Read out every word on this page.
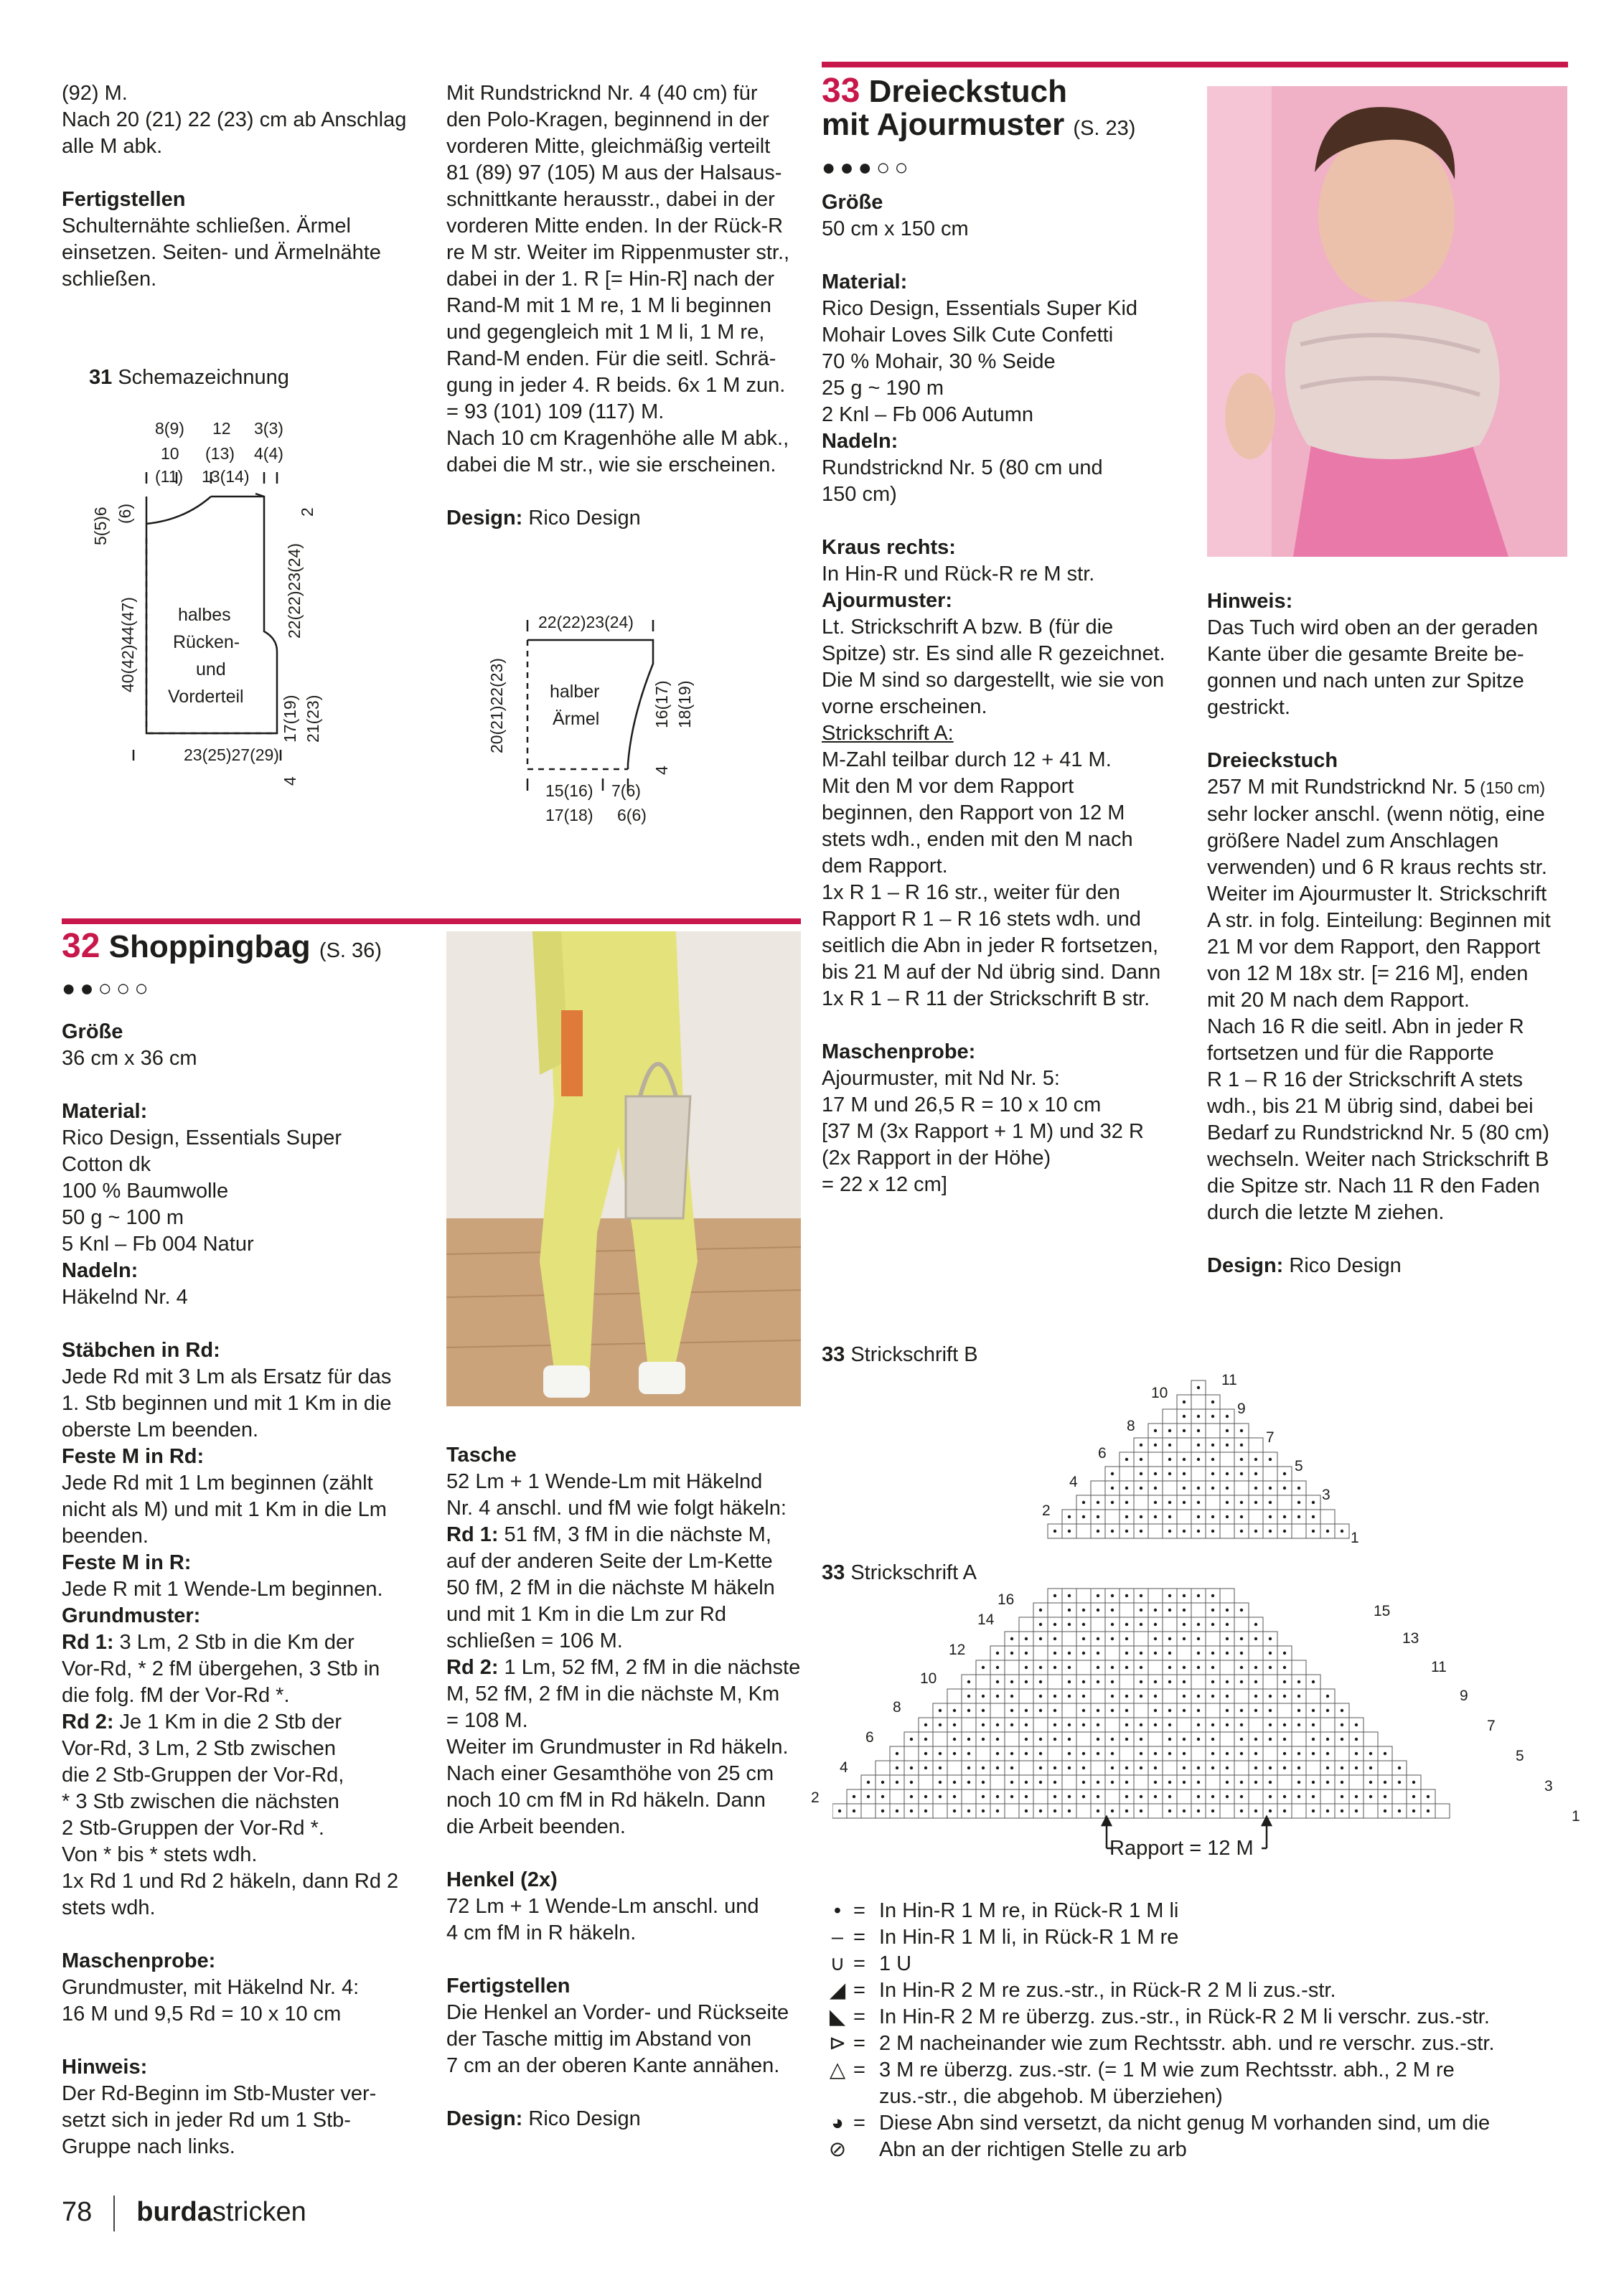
(92) M.

Nach 20 (21) 22 (23) cm ab Anschlag

alle M abk.

Fertigstellen

Schulternähte schließen. Ärmel

einsetzen. Seiten- und Ärmelnähte

schließen.

31 Schemazeichnung
8(9) 12 3(3)
10 (13) 4(4)
(11) 13(14)
5(5)6 (6)
40(42)44(47)
2
22(22)23(24)
17(19) 21(23)
4
23(25)27(29)
halbes
Rücken-
und
Vorderteil

Mit Rundstricknd Nr. 4 (40 cm) für

den Polo-Kragen, beginnend in der

vorderen Mitte, gleichmäßig verteilt

81 (89) 97 (105) M aus der Halsaus-

schnittkante herausstr., dabei in der

vorderen Mitte enden. In der Rück-R

re M str. Weiter im Rippenmuster str.,

dabei in der 1. R [= Hin-R] nach der

Rand-M mit 1 M re, 1 M li beginnen

und gegengleich mit 1 M li, 1 M re,

Rand-M enden. Für die seitl. Schrä-

gung in jeder 4. R beids. 6x 1 M zun.

= 93 (101) 109 (117) M.

Nach 10 cm Kragenhöhe alle M abk.,

dabei die M str., wie sie erscheinen.

Design: Rico Design

22(22)23(24)
20(21)22(23) halber
Ärmel	16(17) 18(19)
4
15(16) 7(6)
17(18) 6(6)
32 Shoppingbag (S. 36)
●●○○○

Größe

36 cm x 36 cm

Material:

Rico Design, Essentials Super

Cotton dk

100 % Baumwolle

50 g ~ 100 m

5 Knl – Fb 004 Natur

Nadeln:

Häkelnd Nr. 4

Stäbchen in Rd:

Jede Rd mit 3 Lm als Ersatz für das

1. Stb beginnen und mit 1 Km in die

oberste Lm beenden.

Feste M in Rd:

Jede Rd mit 1 Lm beginnen (zählt

nicht als M) und mit 1 Km in die Lm

beenden.

Feste M in R:

Jede R mit 1 Wende-Lm beginnen.

Grundmuster:

Rd 1: 3 Lm, 2 Stb in die Km der

Vor-Rd, * 2 fM übergehen, 3 Stb in

die folg. fM der Vor-Rd *.

Rd 2: Je 1 Km in die 2 Stb der

Vor-Rd, 3 Lm, 2 Stb zwischen

die 2 Stb-Gruppen der Vor-Rd,

* 3 Stb zwischen die nächsten

2 Stb-Gruppen der Vor-Rd *.

Von * bis * stets wdh.

1x Rd 1 und Rd 2 häkeln, dann Rd 2

stets wdh.

Maschenprobe:

Grundmuster, mit Häkelnd Nr. 4:

16 M und 9,5 Rd = 10 x 10 cm

Hinweis:

Der Rd-Beginn im Stb-Muster ver-

setzt sich in jeder Rd um 1 Stb-

Gruppe nach links.

Tasche

52 Lm + 1 Wende-Lm mit Häkelnd

Nr. 4 anschl. und fM wie folgt häkeln:

Rd 1: 51 fM, 3 fM in die nächste M,

auf der anderen Seite der Lm-Kette

50 fM, 2 fM in die nächste M häkeln

und mit 1 Km in die Lm zur Rd

schließen = 106 M.

Rd 2: 1 Lm, 52 fM, 2 fM in die nächste

M, 52 fM, 2 fM in die nächste M, Km

= 108 M.

Weiter im Grundmuster in Rd häkeln.

Nach einer Gesamthöhe von 25 cm

noch 10 cm fM in Rd häkeln. Dann

die Arbeit beenden.

Henkel (2x)

72 Lm + 1 Wende-Lm anschl. und

4 cm fM in R häkeln.

Fertigstellen

Die Henkel an Vorder- und Rückseite

der Tasche mittig im Abstand von

7 cm an der oberen Kante annähen.

Design: Rico Design

33 Dreieckstuch
mit Ajourmuster (S. 23)
●●●○○

Größe

50 cm x 150 cm

Material:

Rico Design, Essentials Super Kid

Mohair Loves Silk Cute Confetti

70 % Mohair, 30 % Seide

25 g ~ 190 m

2 Knl – Fb 006 Autumn

Nadeln:

Rundstricknd Nr. 5 (80 cm und

150 cm)

Kraus rechts:

In Hin-R und Rück-R re M str.

Ajourmuster:

Lt. Strickschrift A bzw. B (für die

Spitze) str. Es sind alle R gezeichnet.

Die M sind so dargestellt, wie sie von

vorne erscheinen.

Strickschrift A:

M-Zahl teilbar durch 12 + 41 M.

Mit den M vor dem Rapport

beginnen, den Rapport von 12 M

stets wdh., enden mit den M nach

dem Rapport.

1x R 1 – R 16 str., weiter für den

Rapport R 1 – R 16 stets wdh. und

seitlich die Abn in jeder R fortsetzen,

bis 21 M auf der Nd übrig sind. Dann

1x R 1 – R 11 der Strickschrift B str.

Maschenprobe:

Ajourmuster, mit Nd Nr. 5:

17 M und 26,5 R = 10 x 10 cm

[37 M (3x Rapport + 1 M) und 32 R

(2x Rapport in der Höhe)

= 22 x 12 cm]

Hinweis:

Das Tuch wird oben an der geraden

Kante über die gesamte Breite be-

gonnen und nach unten zur Spitze

gestrickt.

Dreieckstuch

257 M mit Rundstricknd Nr. 5 (150 cm)

sehr locker anschl. (wenn nötig, eine

größere Nadel zum Anschlagen

verwenden) und 6 R kraus rechts str.

Weiter im Ajourmuster lt. Strickschrift

A str. in folg. Einteilung: Beginnen mit

21 M vor dem Rapport, den Rapport

von 12 M 18x str. [= 216 M], enden

mit 20 M nach dem Rapport.

Nach 16 R die seitl. Abn in jeder R

fortsetzen und für die Rapporte

R 1 – R 16 der Strickschrift A stets

wdh., bis 21 M übrig sind, dabei bei

Bedarf zu Rundstricknd Nr. 5 (80 cm)

wechseln. Weiter nach Strickschrift B

die Spitze str. Nach 11 R den Faden

durch die letzte M ziehen.

Design: Rico Design

33 Strickschrift B
10
8
6
4
2
11
9
7
5
3
1
33 Strickschrift A
16
14
12
10
8
6
4
2
15
13
11
9
7
5
3
1
Rapport = 12 M
• = In Hin-R 1 M re, in Rück-R 1 M li
– = In Hin-R 1 M li, in Rück-R 1 M re
∪ = 1 U
◢ = In Hin-R 2 M re zus.-str., in Rück-R 2 M li zus.-str.
◣ = In Hin-R 2 M re überzg. zus.-str., in Rück-R 2 M li verschr. zus.-str.
⊳ = 2 M nacheinander wie zum Rechtsstr. abh. und re verschr. zus.-str.
△ = 3 M re überzg. zus.-str. (= 1 M wie zum Rechtsstr. abh., 2 M re
zus.-str., die abgehob. M überziehen)
◕ = Diese Abn sind versetzt, da nicht genug M vorhanden sind, um die
⊘	Abn an der richtigen Stelle zu arb
78 burdastricken
